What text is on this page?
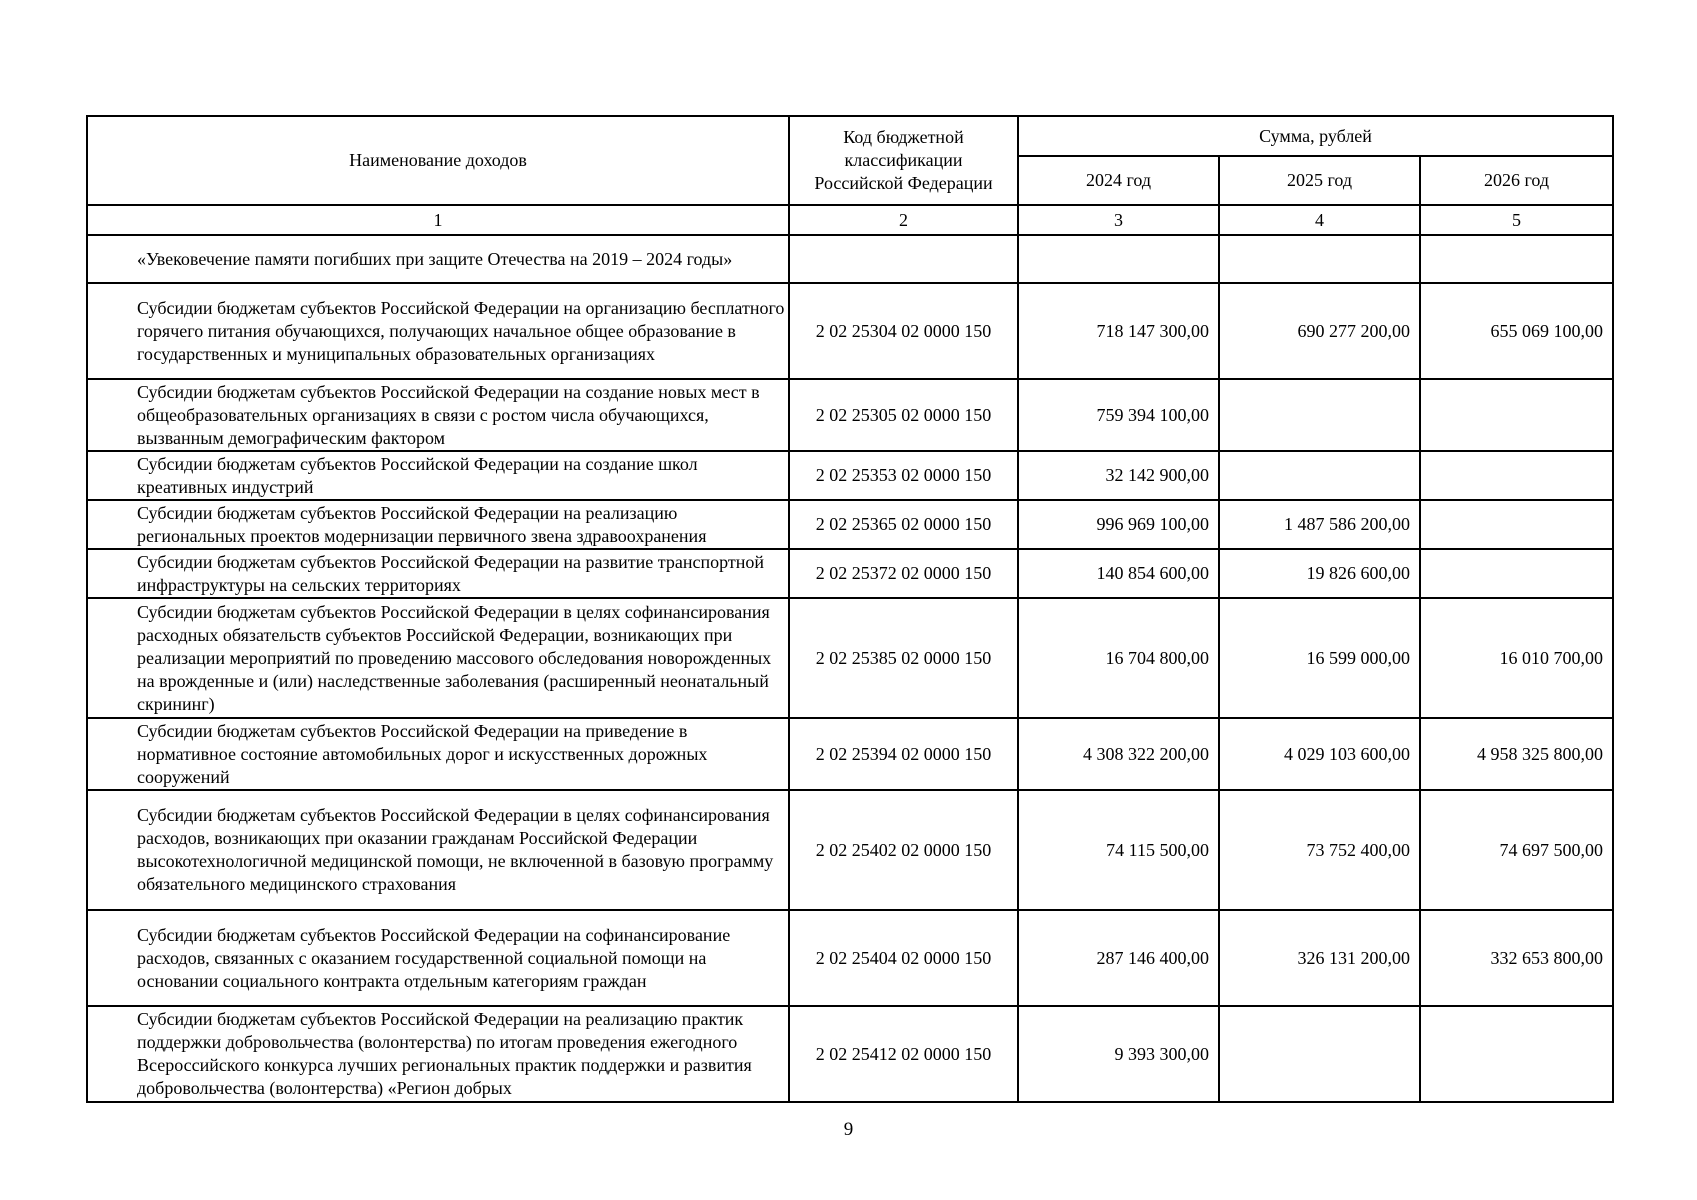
Наименование доходов	Код бюджетной классификации Российской Федерации	Сумма, рублей		
		2024 год	2025 год	2026 год
1	2	3	4	5
«Увековечение памяти погибших при защите Отечества на 2019 – 2024 годы»				
Субсидии бюджетам субъектов Российской Федерации на организацию бесплатного горячего питания обучающихся, получающих начальное общее образование в государственных и муниципальных образовательных организациях	2 02 25304 02 0000 150	718 147 300,00	690 277 200,00	655 069 100,00
Субсидии бюджетам субъектов Российской Федерации на создание новых мест в общеобразовательных организациях в связи с ростом числа обучающихся, вызванным демографическим фактором	2 02 25305 02 0000 150	759 394 100,00		
Субсидии бюджетам субъектов Российской Федерации на создание школ креативных индустрий	2 02 25353 02 0000 150	32 142 900,00		
Субсидии бюджетам субъектов Российской Федерации на реализацию региональных проектов модернизации первичного звена здравоохранения	2 02 25365 02 0000 150	996 969 100,00	1 487 586 200,00	
Субсидии бюджетам субъектов Российской Федерации на развитие транспортной инфраструктуры на сельских территориях	2 02 25372 02 0000 150	140 854 600,00	19 826 600,00	
Субсидии бюджетам субъектов Российской Федерации в целях софинансирования расходных обязательств субъектов Российской Федерации, возникающих при реализации мероприятий по проведению массового обследования новорожденных на врожденные и (или) наследственные заболевания (расширенный неонатальный скрининг)	2 02 25385 02 0000 150	16 704 800,00	16 599 000,00	16 010 700,00
Субсидии бюджетам субъектов Российской Федерации на приведение в нормативное состояние автомобильных дорог и искусственных дорожных сооружений	2 02 25394 02 0000 150	4 308 322 200,00	4 029 103 600,00	4 958 325 800,00
Субсидии бюджетам субъектов Российской Федерации в целях софинансирования расходов, возникающих при оказании гражданам Российской Федерации высокотехнологичной медицинской помощи, не включенной в базовую программу обязательного медицинского страхования	2 02 25402 02 0000 150	74 115 500,00	73 752 400,00	74 697 500,00
Субсидии бюджетам субъектов Российской Федерации на софинансирование расходов, связанных с оказанием государственной социальной помощи на основании социального контракта отдельным категориям граждан	2 02 25404 02 0000 150	287 146 400,00	326 131 200,00	332 653 800,00
Субсидии бюджетам субъектов Российской Федерации на реализацию практик поддержки добровольчества (волонтерства) по итогам проведения ежегодного Всероссийского конкурса лучших региональных практик поддержки и развития добровольчества (волонтерства) «Регион добрых	2 02 25412 02 0000 150	9 393 300,00		
9
